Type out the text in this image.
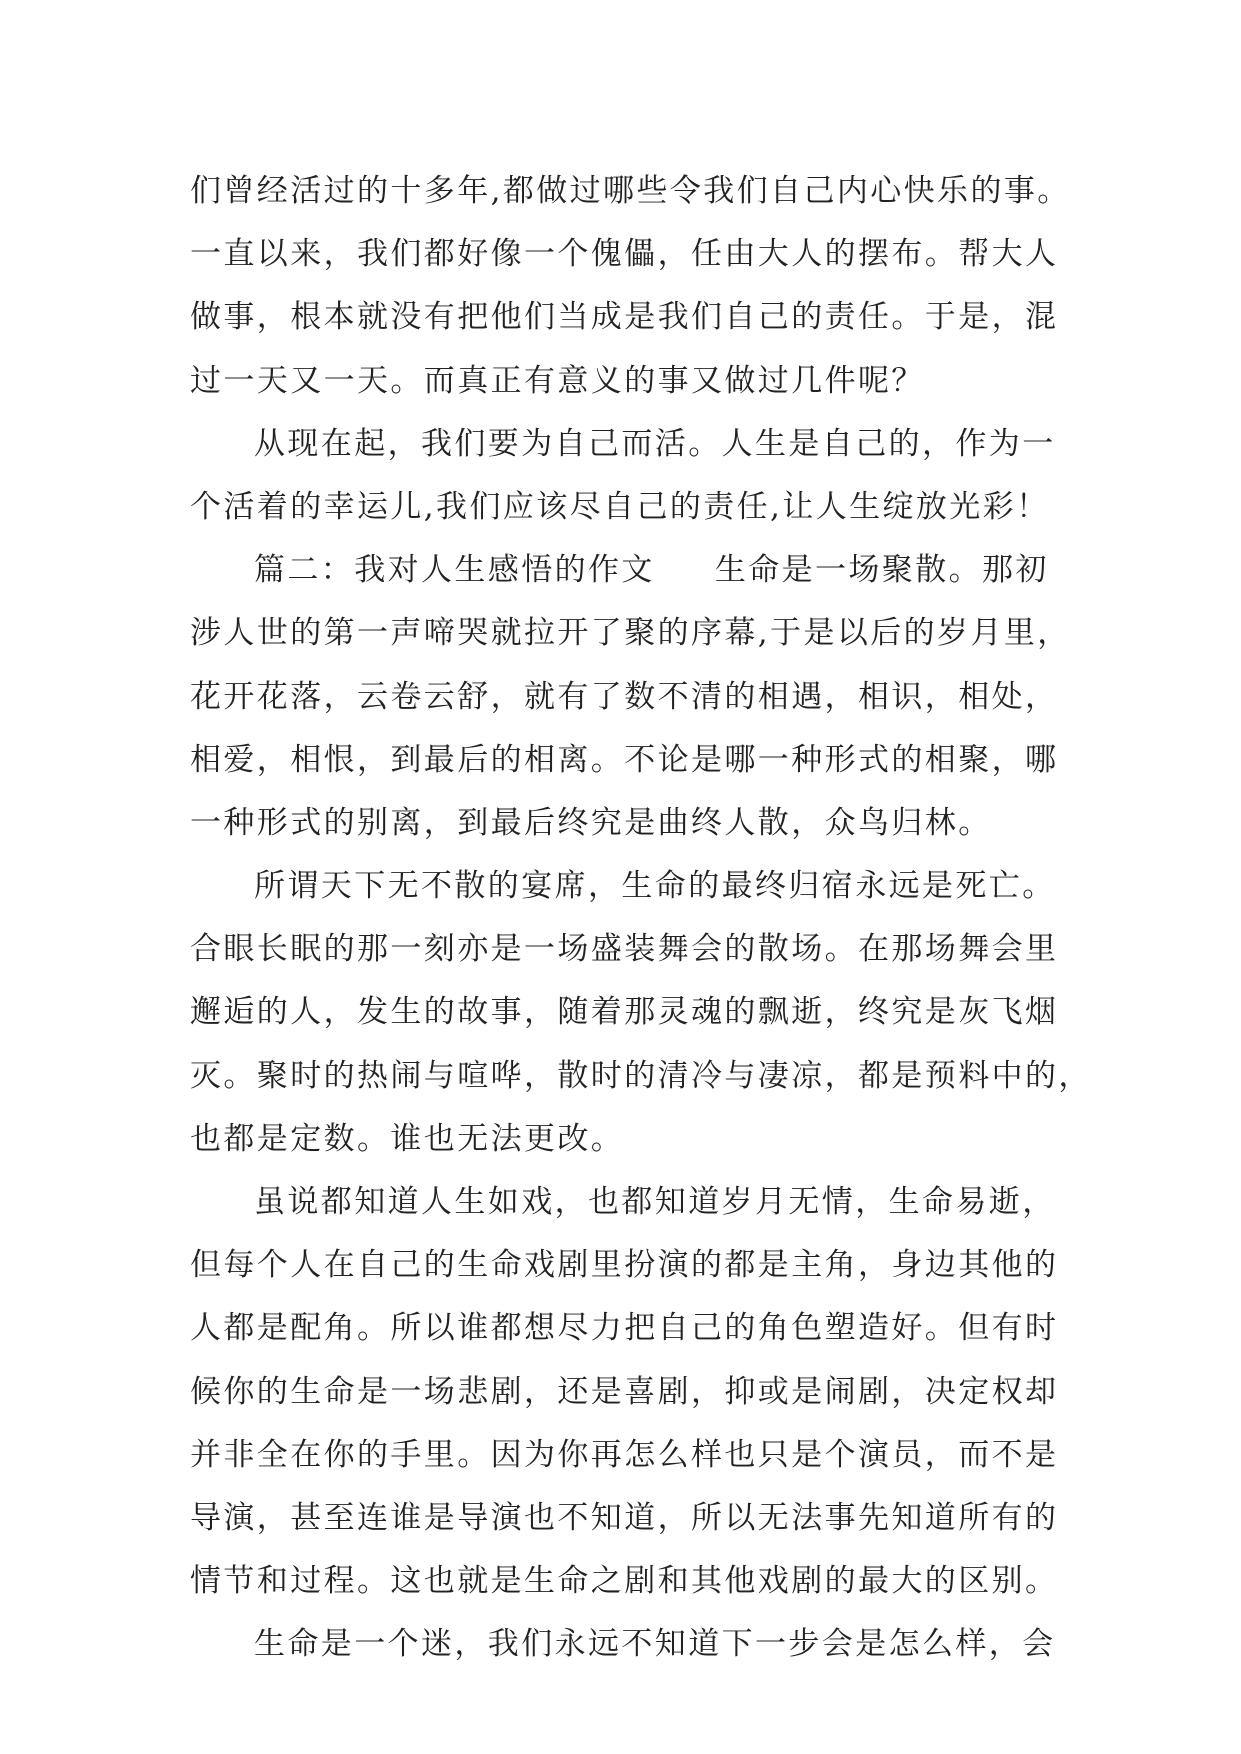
们曾经活过的十多年,都做过哪些令我们自己内心快乐的事。
一直以来，我们都好像一个傀儡，任由大人的摆布。帮大人
做事，根本就没有把他们当成是我们自己的责任。于是，混
过一天又一天。而真正有意义的事又做过几件呢？
从现在起，我们要为自己而活。人生是自己的，作为一
个活着的幸运儿,我们应该尽自己的责任,让人生绽放光彩！
篇二：我对人生感悟的作文 生命是一场聚散。那初
涉人世的第一声啼哭就拉开了聚的序幕,于是以后的岁月里，
花开花落，云卷云舒，就有了数不清的相遇，相识，相处，
相爱，相恨，到最后的相离。不论是哪一种形式的相聚，哪
一种形式的别离，到最后终究是曲终人散，众鸟归林。
所谓天下无不散的宴席，生命的最终归宿永远是死亡。
合眼长眠的那一刻亦是一场盛装舞会的散场。在那场舞会里
邂逅的人，发生的故事，随着那灵魂的飘逝，终究是灰飞烟
灭。聚时的热闹与喧哗，散时的清冷与凄凉，都是预料中的，
也都是定数。谁也无法更改。
虽说都知道人生如戏，也都知道岁月无情，生命易逝，
但每个人在自己的生命戏剧里扮演的都是主角，身边其他的
人都是配角。所以谁都想尽力把自己的角色塑造好。但有时
候你的生命是一场悲剧，还是喜剧，抑或是闹剧，决定权却
并非全在你的手里。因为你再怎么样也只是个演员，而不是
导演，甚至连谁是导演也不知道，所以无法事先知道所有的
情节和过程。这也就是生命之剧和其他戏剧的最大的区别。
生命是一个迷，我们永远不知道下一步会是怎么样，会
